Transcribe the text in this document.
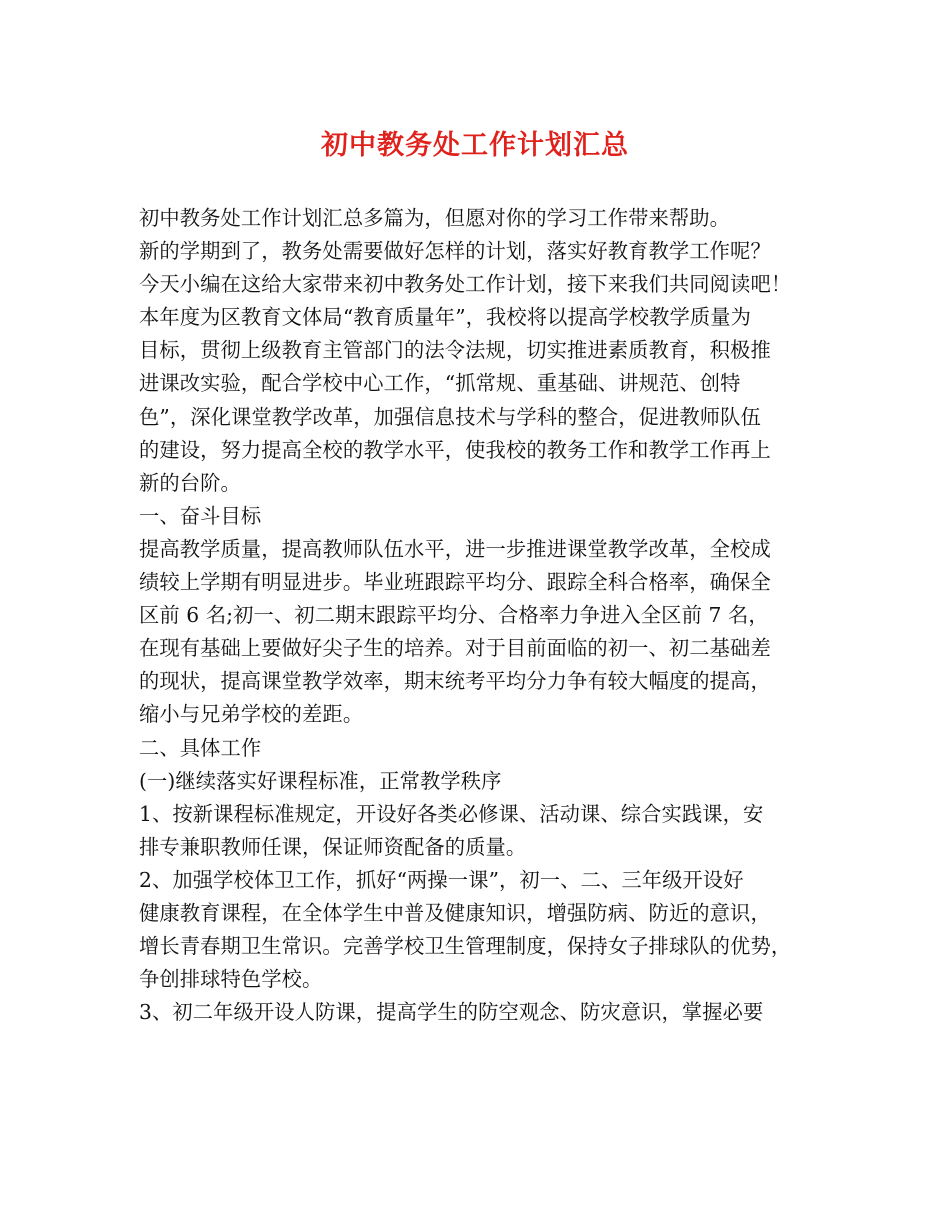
初中教务处工作计划汇总

初中教务处工作计划汇总多篇为，但愿对你的学习工作带来帮助。

新的学期到了，教务处需要做好怎样的计划，落实好教育教学工作呢？

今天小编在这给大家带来初中教务处工作计划，接下来我们共同阅读吧！

本年度为区教育文体局“教育质量年”，我校将以提高学校教学质量为

目标，贯彻上级教育主管部门的法令法规，切实推进素质教育，积极推

进课改实验，配合学校中心工作，“抓常规、重基础、讲规范、创特

色”，深化课堂教学改革，加强信息技术与学科的整合，促进教师队伍

的建设，努力提高全校的教学水平，使我校的教务工作和教学工作再上

新的台阶。

一、奋斗目标

提高教学质量，提高教师队伍水平，进一步推进课堂教学改革，全校成

绩较上学期有明显进步。毕业班跟踪平均分、跟踪全科合格率，确保全

区前 6 名;初一、初二期末跟踪平均分、合格率力争进入全区前 7 名，

在现有基础上要做好尖子生的培养。对于目前面临的初一、初二基础差

的现状，提高课堂教学效率，期末统考平均分力争有较大幅度的提高，

缩小与兄弟学校的差距。

二、具体工作

(一)继续落实好课程标准，正常教学秩序

1、按新课程标准规定，开设好各类必修课、活动课、综合实践课，安

排专兼职教师任课，保证师资配备的质量。

2、加强学校体卫工作，抓好“两操一课”，初一、二、三年级开设好

健康教育课程，在全体学生中普及健康知识，增强防病、防近的意识，

增长青春期卫生常识。完善学校卫生管理制度，保持女子排球队的优势，

争创排球特色学校。

3、初二年级开设人防课，提高学生的防空观念、防灾意识，掌握必要
